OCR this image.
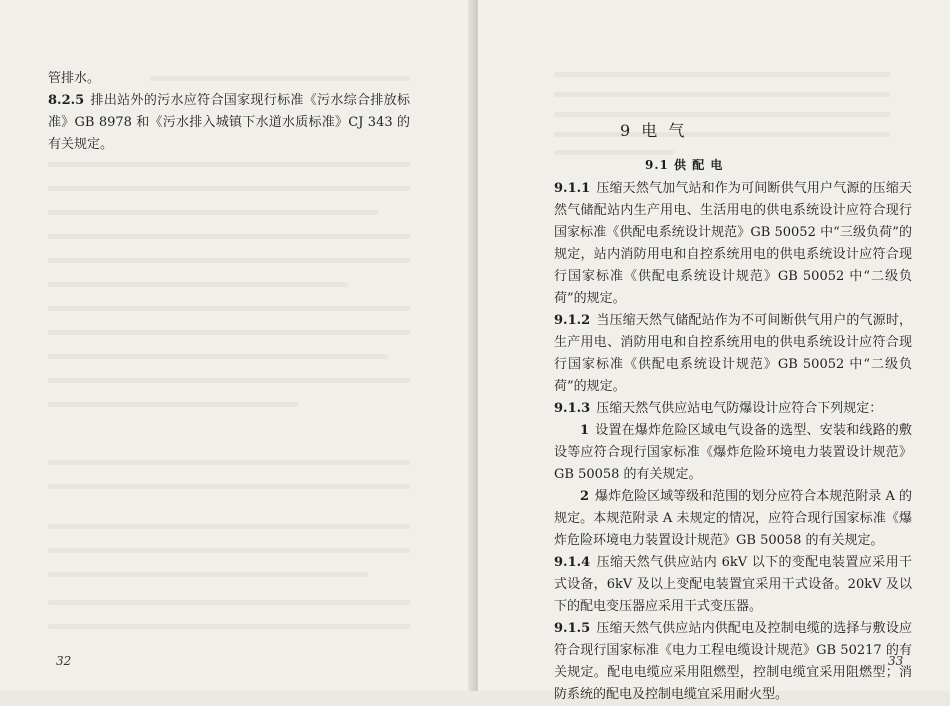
管排水。

8.2.5 排出站外的污水应符合国家现行标准《污水综合排放标准》GB 8978 和《污水排入城镇下水道水质标准》CJ 343 的有关规定。

32
9 电 气
9.1 供 配 电

9.1.1 压缩天然气加气站和作为可间断供气用户气源的压缩天然气储配站内生产用电、生活用电的供电系统设计应符合现行国家标准《供配电系统设计规范》GB 50052 中“三级负荷”的规定，站内消防用电和自控系统用电的供电系统设计应符合现行国家标准《供配电系统设计规范》GB 50052 中“二级负荷”的规定。

9.1.2 当压缩天然气储配站作为不可间断供气用户的气源时，生产用电、消防用电和自控系统用电的供电系统设计应符合现行国家标准《供配电系统设计规范》GB 50052 中“二级负荷”的规定。

9.1.3 压缩天然气供应站电气防爆设计应符合下列规定：

1 设置在爆炸危险区域电气设备的选型、安装和线路的敷设等应符合现行国家标准《爆炸危险环境电力装置设计规范》GB 50058 的有关规定。

2 爆炸危险区域等级和范围的划分应符合本规范附录 A 的规定。本规范附录 A 未规定的情况，应符合现行国家标准《爆炸危险环境电力装置设计规范》GB 50058 的有关规定。

9.1.4 压缩天然气供应站内 6kV 以下的变配电装置应采用干式设备，6kV 及以上变配电装置宜采用干式设备。20kV 及以下的配电变压器应采用干式变压器。

9.1.5 压缩天然气供应站内供配电及控制电缆的选择与敷设应符合现行国家标准《电力工程电缆设计规范》GB 50217 的有关规定。配电电缆应采用阻燃型，控制电缆宜采用阻燃型；消防系统的配电及控制电缆宜采用耐火型。

33
